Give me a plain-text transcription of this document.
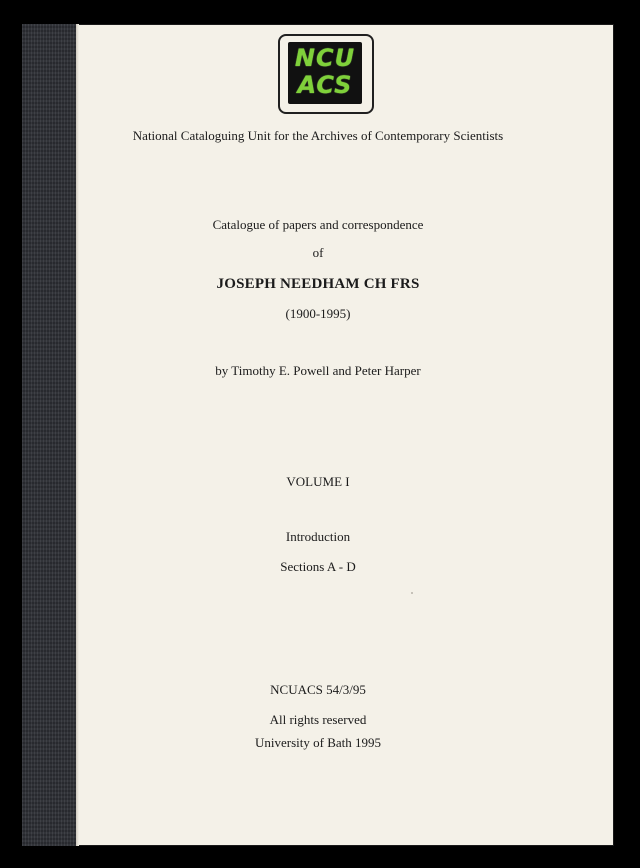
NCU
ACS
National Cataloguing Unit for the Archives of Contemporary Scientists
Catalogue of papers and correspondence
of
JOSEPH NEEDHAM CH FRS
(1900-1995)
by Timothy E. Powell and Peter Harper
VOLUME I
Introduction
Sections A - D
NCUACS 54/3/95
All rights reserved
University of Bath 1995
